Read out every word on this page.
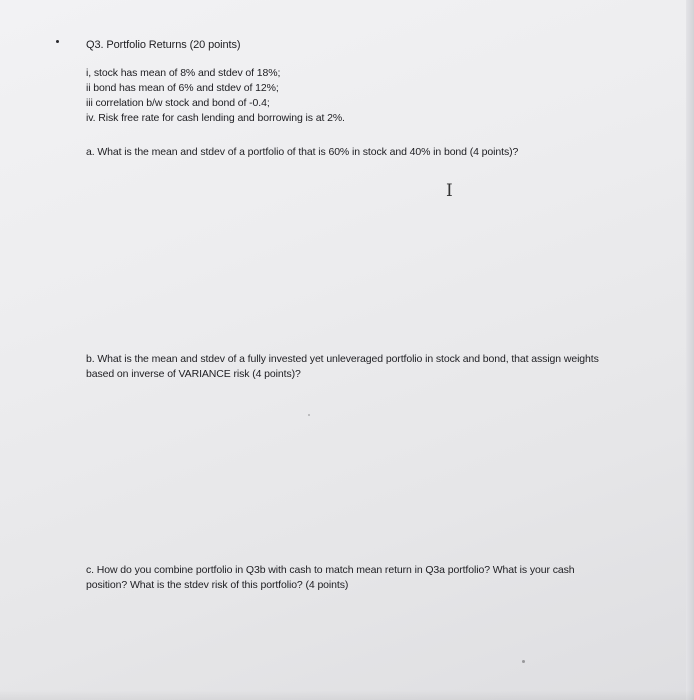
Q3. Portfolio Returns (20 points)
i, stock has mean of 8% and stdev of 18%;
ii bond has mean of 6% and stdev of 12%;
iii correlation b/w stock and bond of -0.4;
iv. Risk free rate for cash lending and borrowing is at 2%.
a. What is the mean and stdev of a portfolio of that is 60% in stock and 40% in bond (4 points)?
I
b. What is the mean and stdev of a fully invested yet unleveraged portfolio in stock and bond, that assign weights
based on inverse of VARIANCE risk (4 points)?
c. How do you combine portfolio in Q3b with cash to match mean return in Q3a portfolio? What is your cash
position? What is the stdev risk of this portfolio? (4 points)
